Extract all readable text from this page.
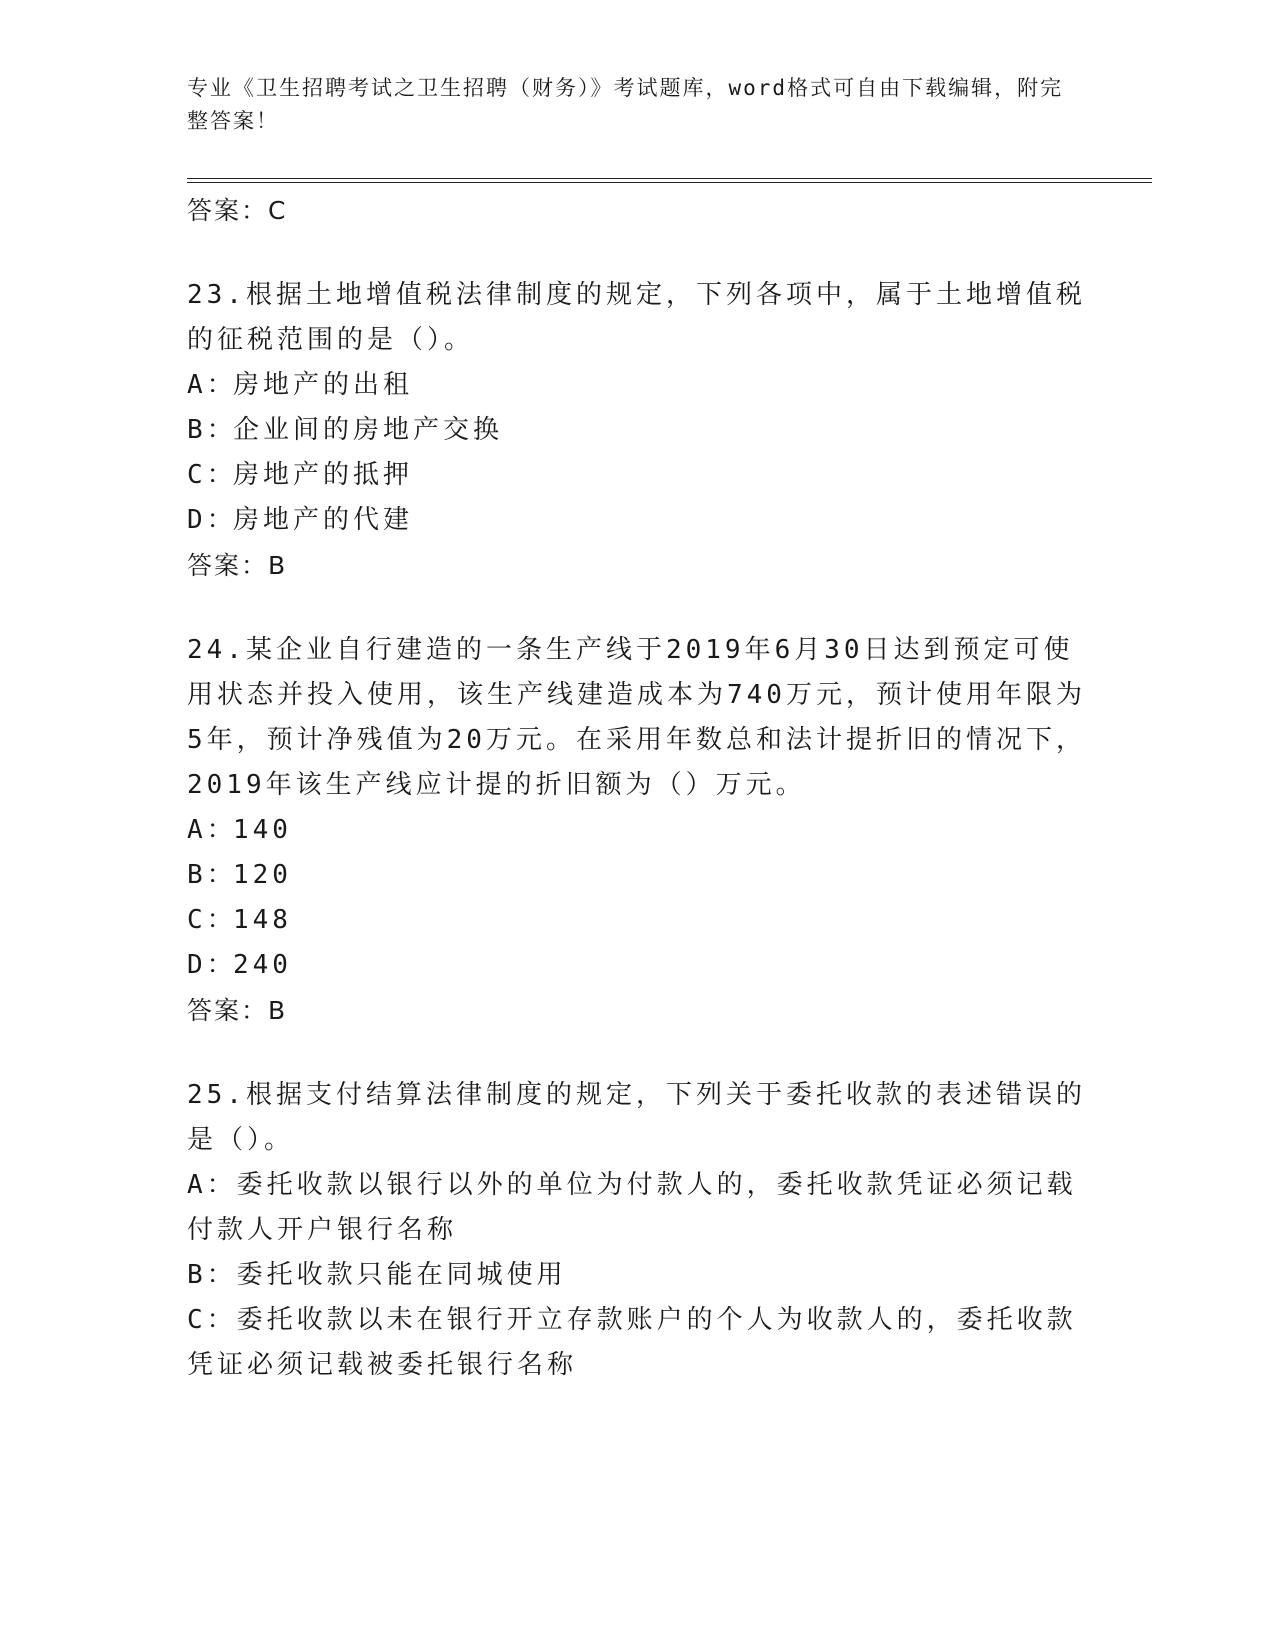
专业《卫生招聘考试之卫生招聘（财务）》考试题库，word格式可自由下载编辑，附完整答案！
答案：C
23.根据土地增值税法律制度的规定，下列各项中，属于土地增值税的征税范围的是（）。
A：房地产的出租
B：企业间的房地产交换
C：房地产的抵押
D：房地产的代建
答案：B
24.某企业自行建造的一条生产线于2019年6月30日达到预定可使用状态并投入使用，该生产线建造成本为740万元，预计使用年限为5年，预计净残值为20万元。在采用年数总和法计提折旧的情况下，2019年该生产线应计提的折旧额为（）万元。
A：140
B：120
C：148
D：240
答案：B
25.根据支付结算法律制度的规定，下列关于委托收款的表述错误的是（）。
A：委托收款以银行以外的单位为付款人的，委托收款凭证必须记载付款人开户银行名称
B：委托收款只能在同城使用
C：委托收款以未在银行开立存款账户的个人为收款人的，委托收款凭证必须记载被委托银行名称
